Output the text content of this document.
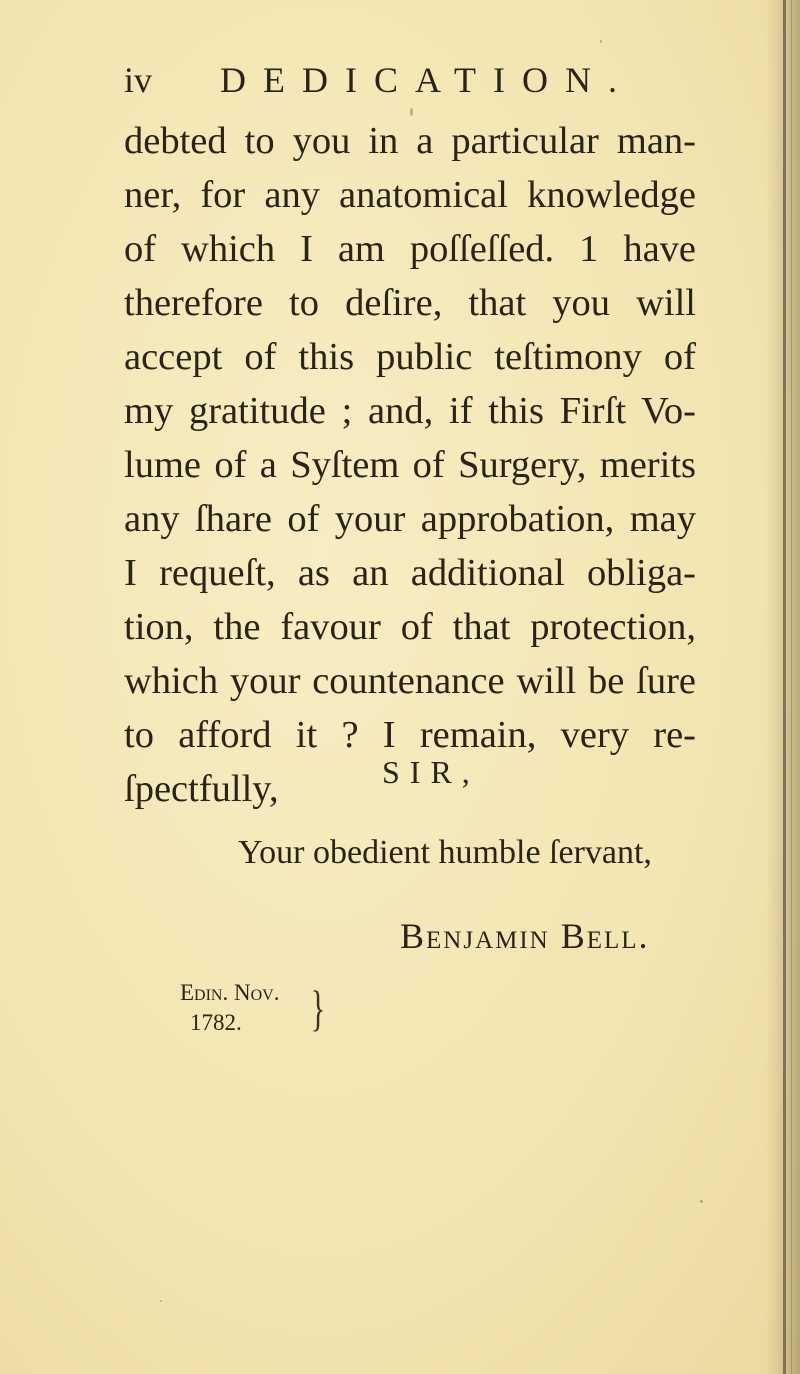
iv DEDICATION.
debted to you in a particular man-
ner, for any anatomical knowledge
of which I am poſſeſſed. 1 have
therefore to deſire, that you will
accept of this public teſtimony of
my gratitude ; and, if this Firſt Vo-
lume of a Syſtem of Surgery, merits
any ſhare of your approbation, may
I requeſt, as an additional obliga-
tion, the favour of that protection,
which your countenance will be ſure
to afford it ? I remain, very re-
ſpectfully,	SIR,
Your obedient humble ſervant,
Benjamin Bell.
Edin. Nov.
1782. }
